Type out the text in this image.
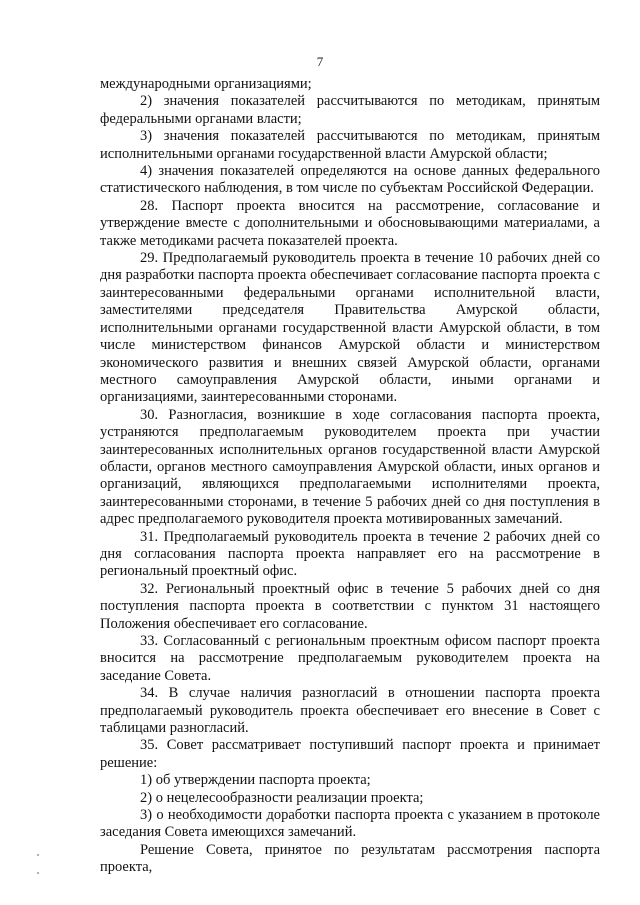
7

международными организациями;

2) значения показателей рассчитываются по методикам, принятым федеральными органами власти;

3) значения показателей рассчитываются по методикам, принятым исполнительными органами государственной власти Амурской области;

4) значения показателей определяются на основе данных федерального статистического наблюдения, в том числе по субъектам Российской Федерации.

28. Паспорт проекта вносится на рассмотрение, согласование и утверждение вместе с дополнительными и обосновывающими материалами, а также методиками расчета показателей проекта.

29. Предполагаемый руководитель проекта в течение 10 рабочих дней со дня разработки паспорта проекта обеспечивает согласование паспорта проекта с заинтересованными федеральными органами исполнительной власти, заместителями председателя Правительства Амурской области, исполнительными органами государственной власти Амурской области, в том числе министерством финансов Амурской области и министерством экономического развития и внешних связей Амурской области, органами местного самоуправления Амурской области, иными органами и организациями, заинтересованными сторонами.

30. Разногласия, возникшие в ходе согласования паспорта проекта, устраняются предполагаемым руководителем проекта при участии заинтересованных исполнительных органов государственной власти Амурской области, органов местного самоуправления Амурской области, иных органов и организаций, являющихся предполагаемыми исполнителями проекта, заинтересованными сторонами, в течение 5 рабочих дней со дня поступления в адрес предполагаемого руководителя проекта мотивированных замечаний.

31. Предполагаемый руководитель проекта в течение 2 рабочих дней со дня согласования паспорта проекта направляет его на рассмотрение в региональный проектный офис.

32. Региональный проектный офис в течение 5 рабочих дней со дня поступления паспорта проекта в соответствии с пунктом 31 настоящего Положения обеспечивает его согласование.

33. Согласованный с региональным проектным офисом паспорт проекта вносится на рассмотрение предполагаемым руководителем проекта на заседание Совета.

34. В случае наличия разногласий в отношении паспорта проекта предполагаемый руководитель проекта обеспечивает его внесение в Совет с таблицами разногласий.

35. Совет рассматривает поступивший паспорт проекта и принимает решение:

1) об утверждении паспорта проекта;

2) о нецелесообразности реализации проекта;

3) о необходимости доработки паспорта проекта с указанием в протоколе заседания Совета имеющихся замечаний.

Решение Совета, принятое по результатам рассмотрения паспорта проекта,
